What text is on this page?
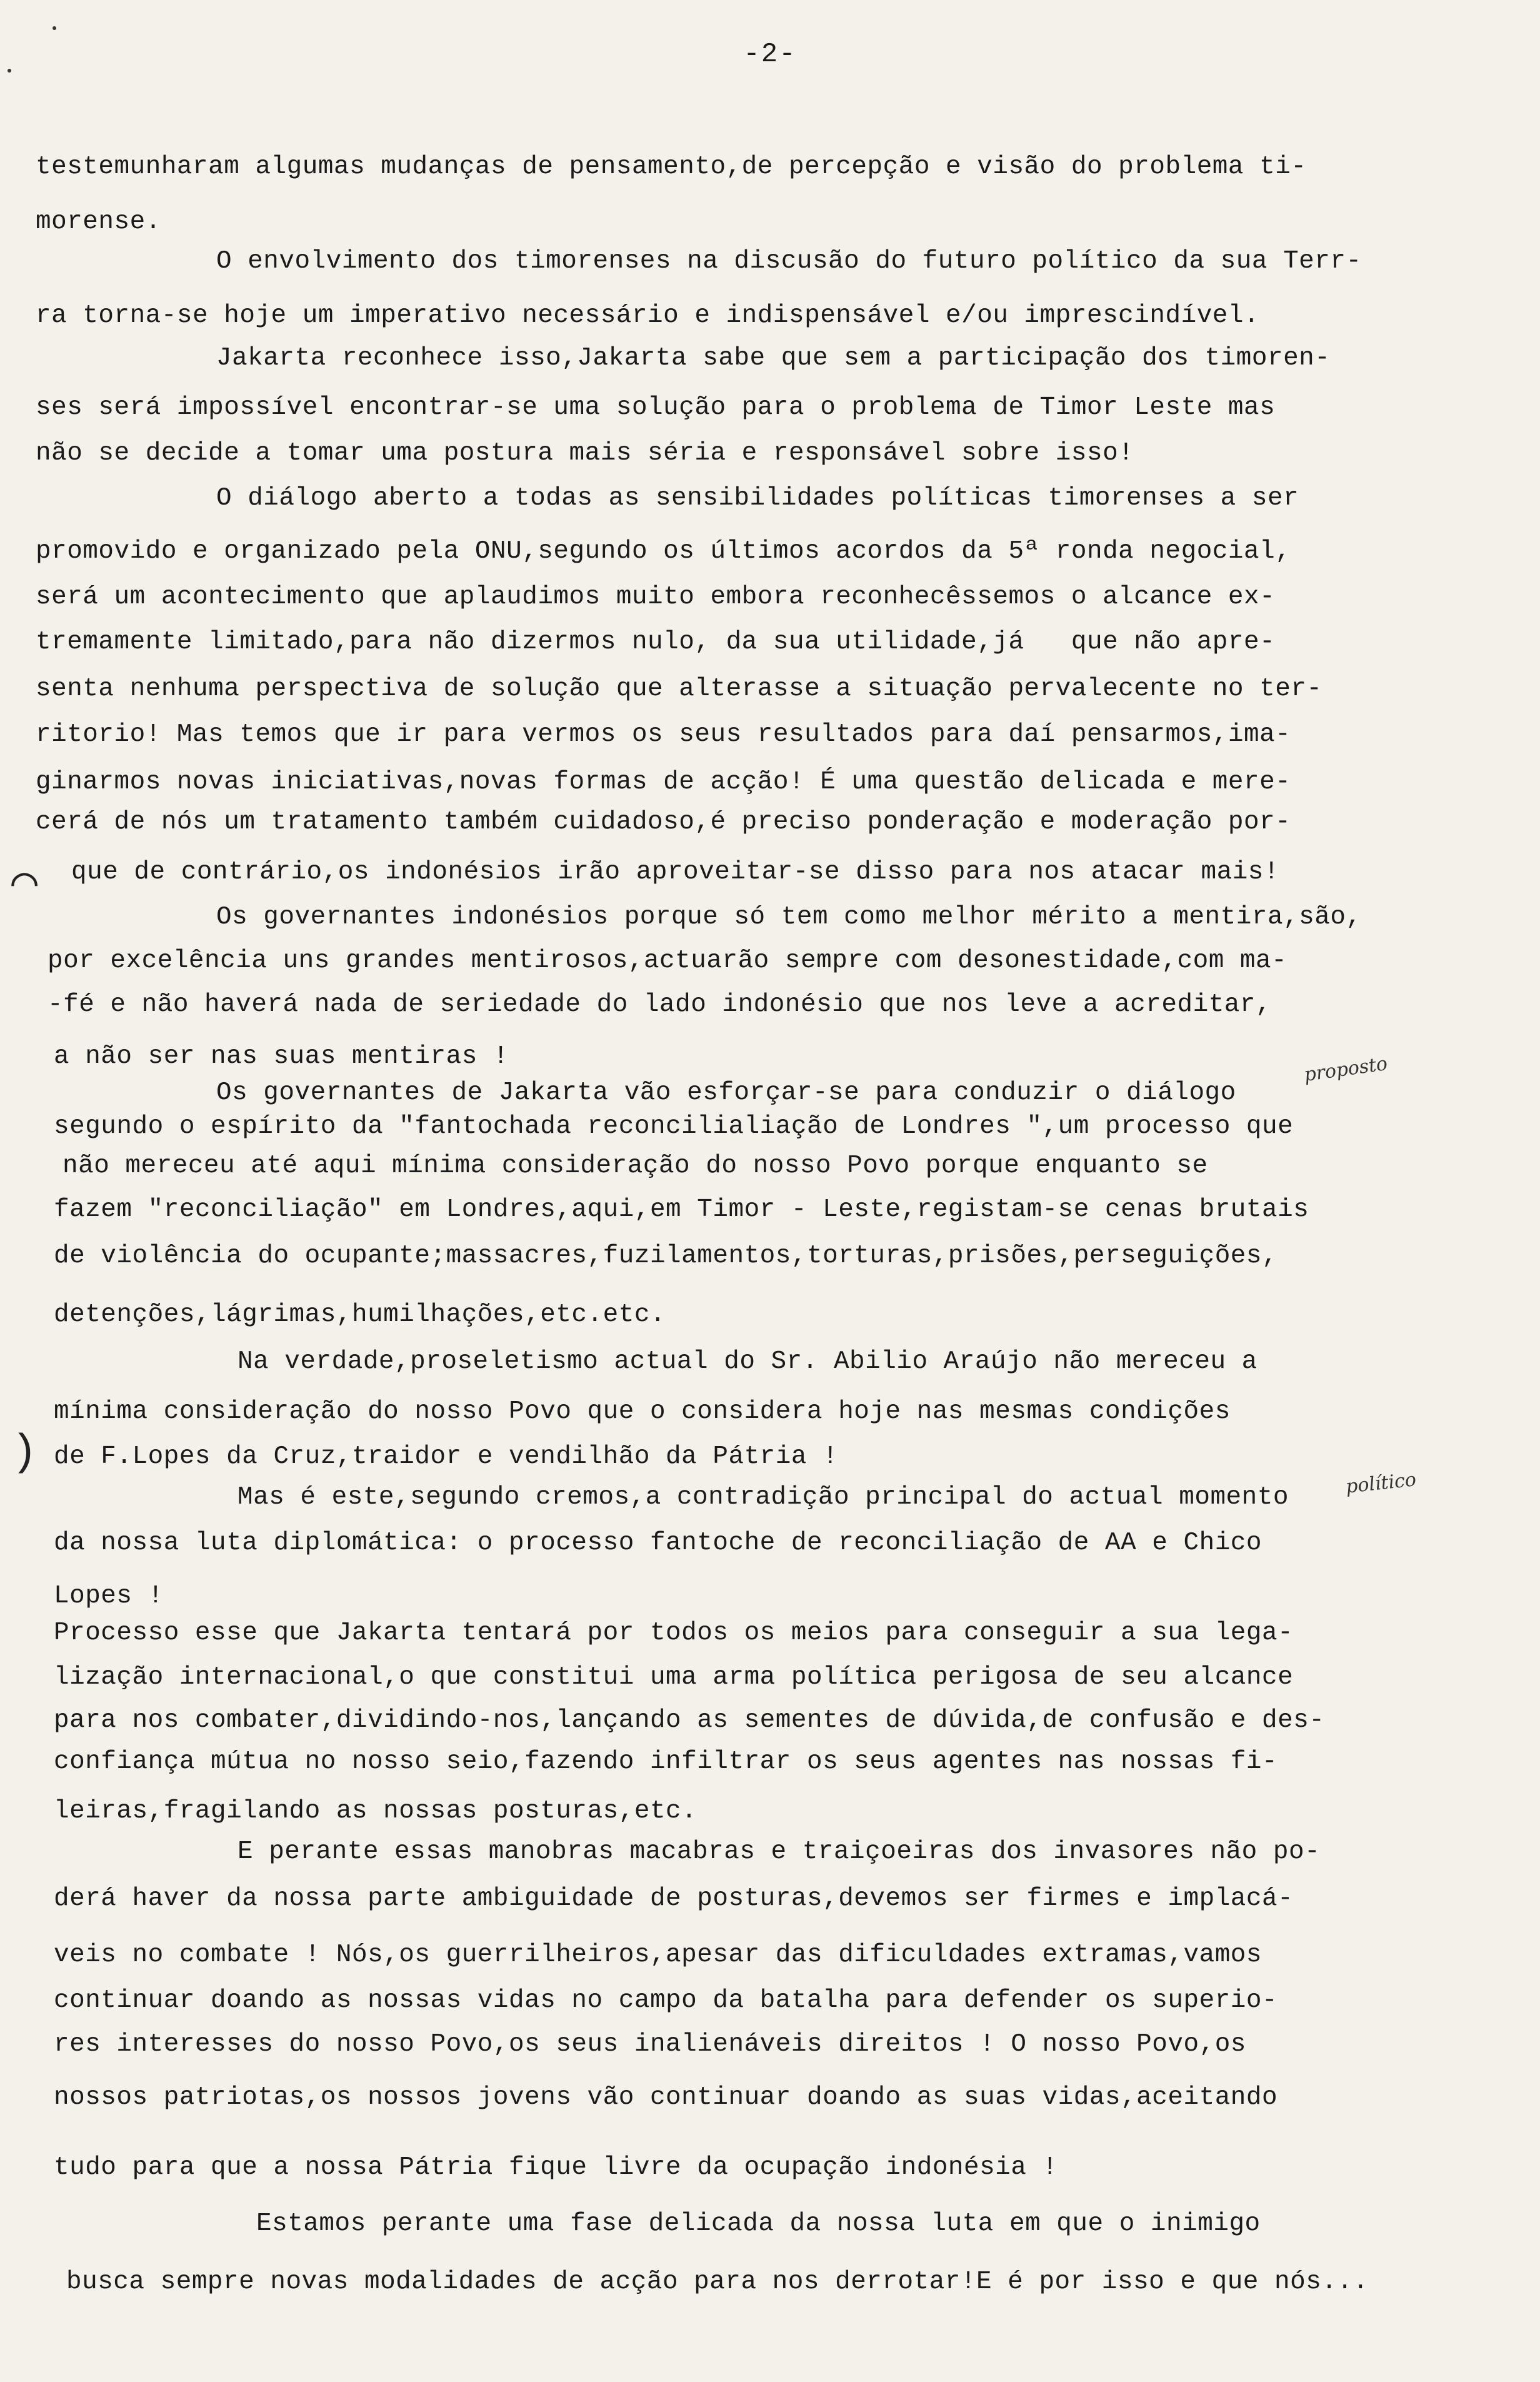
-2-
⌒
)
proposto
político
testemunharam algumas mudanças de pensamento,de percepção e visão do problema ti-
morense.
O envolvimento dos timorenses na discusão do futuro político da sua Terr-
ra torna-se hoje um imperativo necessário e indispensável e/ou imprescindível.
Jakarta reconhece isso,Jakarta sabe que sem a participação dos timoren-
ses será impossível encontrar-se uma solução para o problema de Timor Leste mas
não se decide a tomar uma postura mais séria e responsável sobre isso!
O diálogo aberto a todas as sensibilidades políticas timorenses a ser
promovido e organizado pela ONU,segundo os últimos acordos da 5ª ronda negocial,
será um acontecimento que aplaudimos muito embora reconhecêssemos o alcance ex-
tremamente limitado,para não dizermos nulo, da sua utilidade,já   que não apre-
senta nenhuma perspectiva de solução que alterasse a situação pervalecente no ter-
ritorio! Mas temos que ir para vermos os seus resultados para daí pensarmos,ima-
ginarmos novas iniciativas,novas formas de acção! É uma questão delicada e mere-
cerá de nós um tratamento também cuidadoso,é preciso ponderação e moderação por-
que de contrário,os indonésios irão aproveitar-se disso para nos atacar mais!
Os governantes indonésios porque só tem como melhor mérito a mentira,são,
por excelência uns grandes mentirosos,actuarão sempre com desonestidade,com ma-
-fé e não haverá nada de seriedade do lado indonésio que nos leve a acreditar,
a não ser nas suas mentiras !
Os governantes de Jakarta vão esforçar-se para conduzir o diálogo
segundo o espírito da "fantochada reconcilialiação de Londres ",um processo que
não mereceu até aqui mínima consideração do nosso Povo porque enquanto se
fazem "reconciliação" em Londres,aqui,em Timor - Leste,registam-se cenas brutais
de violência do ocupante;massacres,fuzilamentos,torturas,prisões,perseguições,
detenções,lágrimas,humilhações,etc.etc.
Na verdade,proseletismo actual do Sr. Abilio Araújo não mereceu a
mínima consideração do nosso Povo que o considera hoje nas mesmas condições
de F.Lopes da Cruz,traidor e vendilhão da Pátria !
Mas é este,segundo cremos,a contradição principal do actual momento
da nossa luta diplomática: o processo fantoche de reconciliação de AA e Chico
Lopes !
Processo esse que Jakarta tentará por todos os meios para conseguir a sua lega-
lização internacional,o que constitui uma arma política perigosa de seu alcance
para nos combater,dividindo-nos,lançando as sementes de dúvida,de confusão e des-
confiança mútua no nosso seio,fazendo infiltrar os seus agentes nas nossas fi-
leiras,fragilando as nossas posturas,etc.
E perante essas manobras macabras e traiçoeiras dos invasores não po-
derá haver da nossa parte ambiguidade de posturas,devemos ser firmes e implacá-
veis no combate ! Nós,os guerrilheiros,apesar das dificuldades extramas,vamos
continuar doando as nossas vidas no campo da batalha para defender os superio-
res interesses do nosso Povo,os seus inalienáveis direitos ! O nosso Povo,os
nossos patriotas,os nossos jovens vão continuar doando as suas vidas,aceitando
tudo para que a nossa Pátria fique livre da ocupação indonésia !
Estamos perante uma fase delicada da nossa luta em que o inimigo
busca sempre novas modalidades de acção para nos derrotar!E é por isso e que nós...
